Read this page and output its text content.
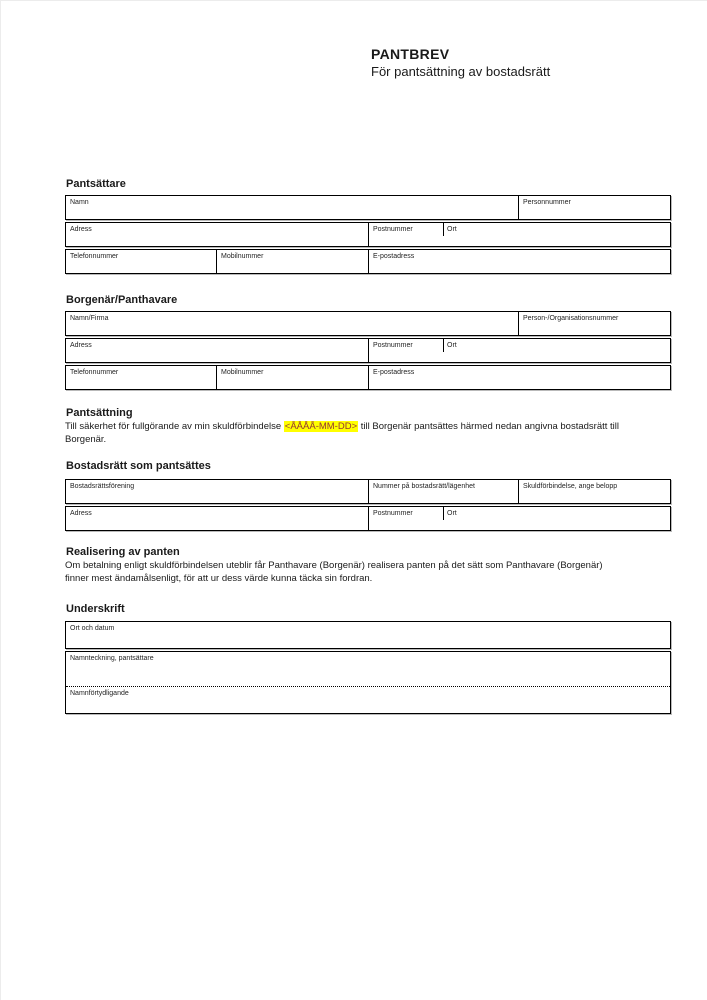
PANTBREV
För pantsättning av bostadsrätt
Pantsättare
Namn	Personnummer
Adress	Postnummer	Ort
Telefonnummer	Mobilnummer	E-postadress
Borgenär/Panthavare
Namn/Firma	Person-/Organisationsnummer
Adress	Postnummer	Ort
Telefonnummer	Mobilnummer	E-postadress
Pantsättning
Till säkerhet för fullgörande av min skuldförbindelse <ÅÅÅÅ-MM-DD> till Borgenär pantsättes härmed nedan angivna bostadsrätt till Borgenär.
Bostadsrätt som pantsättes
Bostadsrättsförening	Nummer på bostadsrätt/lägenhet	Skuldförbindelse, ange belopp
Adress	Postnummer	Ort
Realisering av panten
Om betalning enligt skuldförbindelsen uteblir får Panthavare (Borgenär) realisera panten på det sätt som Panthavare (Borgenär) finner mest ändamålsenligt, för att ur dess värde kunna täcka sin fordran.
Underskrift
Ort och datum
Namnteckning, pantsättare
Namnförtydligande
